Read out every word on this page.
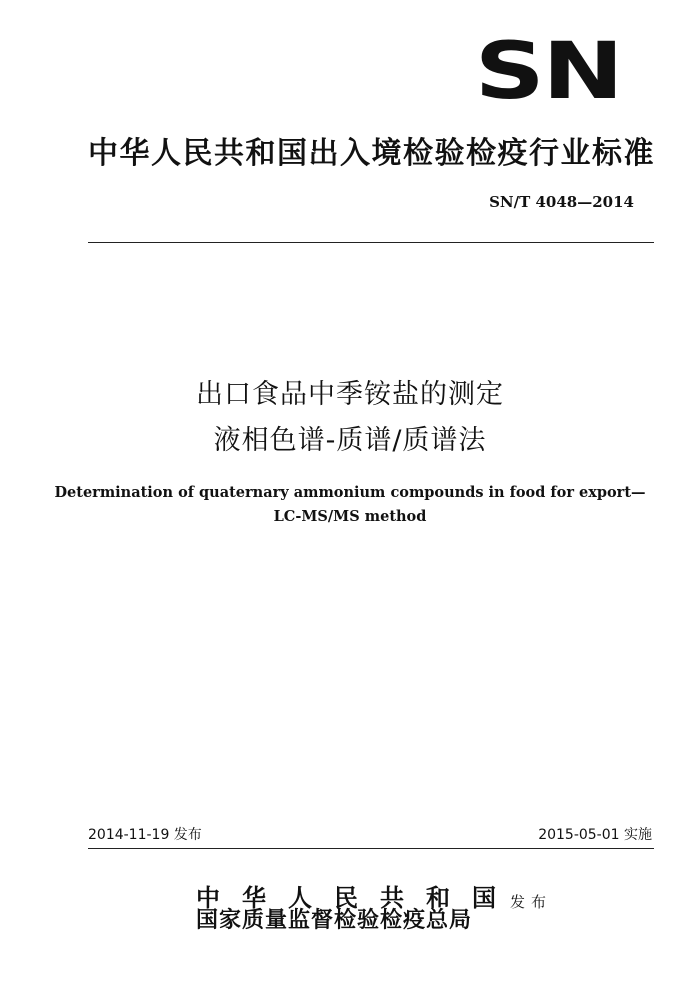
SN
中华人民共和国出入境检验检疫行业标准
SN/T 4048—2014
出口食品中季铵盐的测定
液相色谱-质谱/质谱法
Determination of quaternary ammonium compounds in food for export—
LC-MS/MS method
2014-11-19 发布	2015-05-01 实施
中 华 人 民 共 和 国
国家质量监督检验检疫总局
发布
